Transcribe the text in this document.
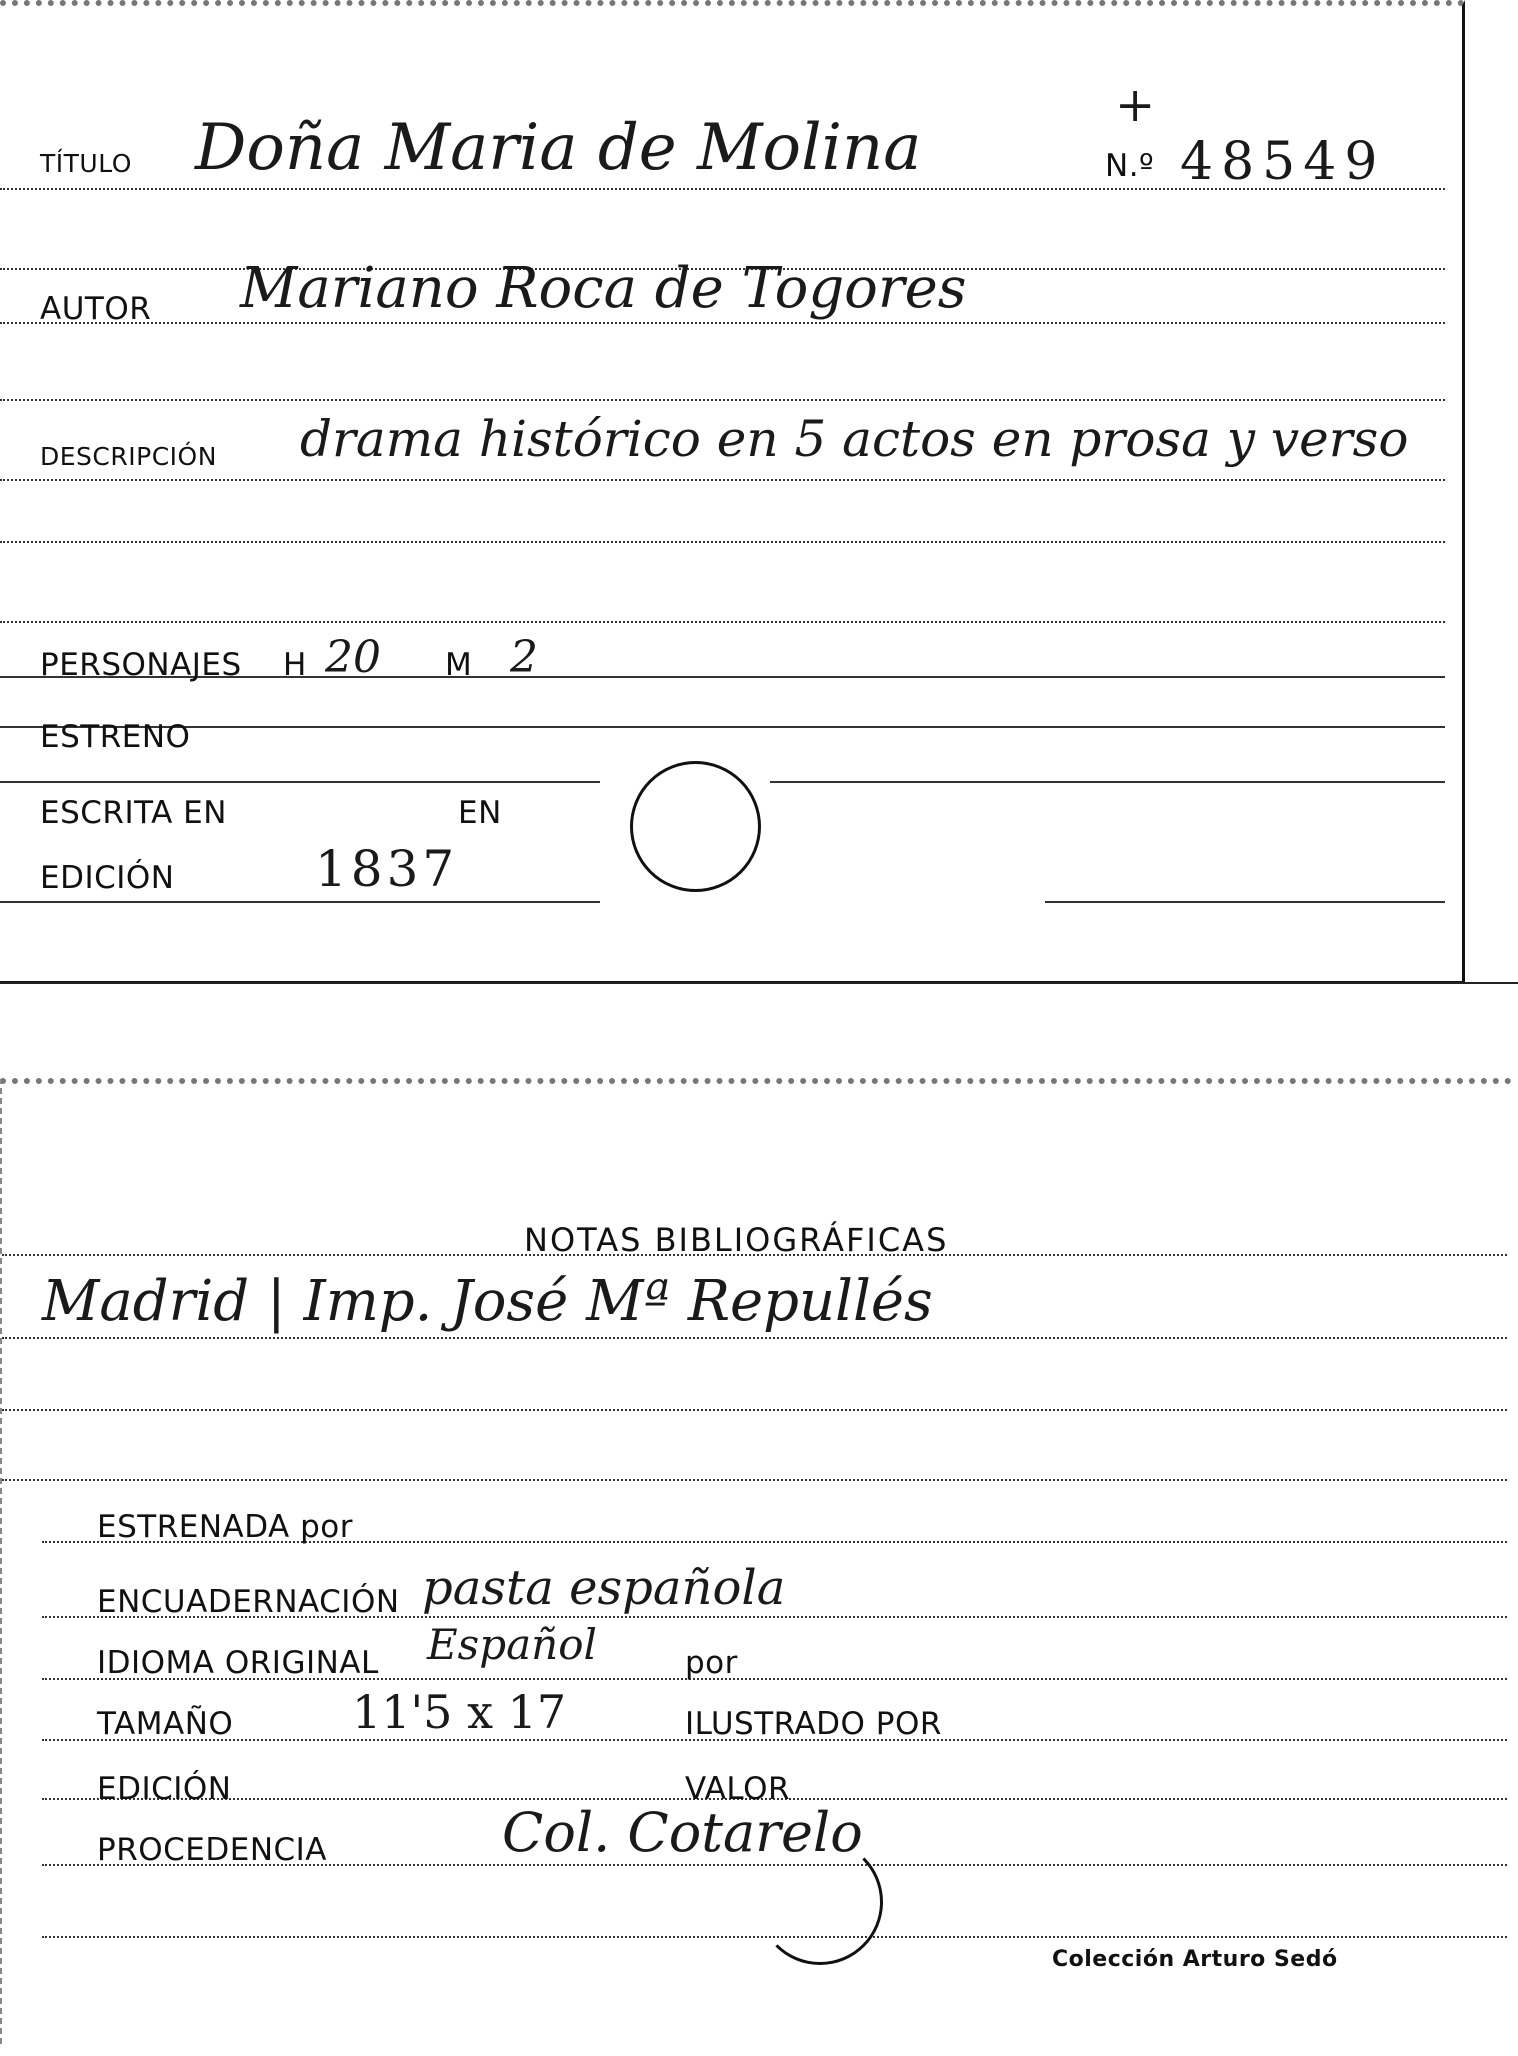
TÍTULO Doña Maria de Molina
+
N.º 48549
AUTOR Mariano Roca de Togores
DESCRIPCIÓN drama histórico en 5 actos en prosa y verso
PERSONAJES H 20 M 2
ESTRENO
ESCRITA EN	EN
EDICIÓN	1837
NOTAS BIBLIOGRÁFICAS
Madrid | Imp. José Mª Repullés
ESTRENADA por
ENCUADERNACIÓN pasta española
IDIOMA ORIGINAL Español	por
TAMAÑO	11'5 x 17	ILUSTRADO POR
EDICIÓN	VALOR
PROCEDENCIA	Col. Cotarelo
Colección Arturo Sedó
